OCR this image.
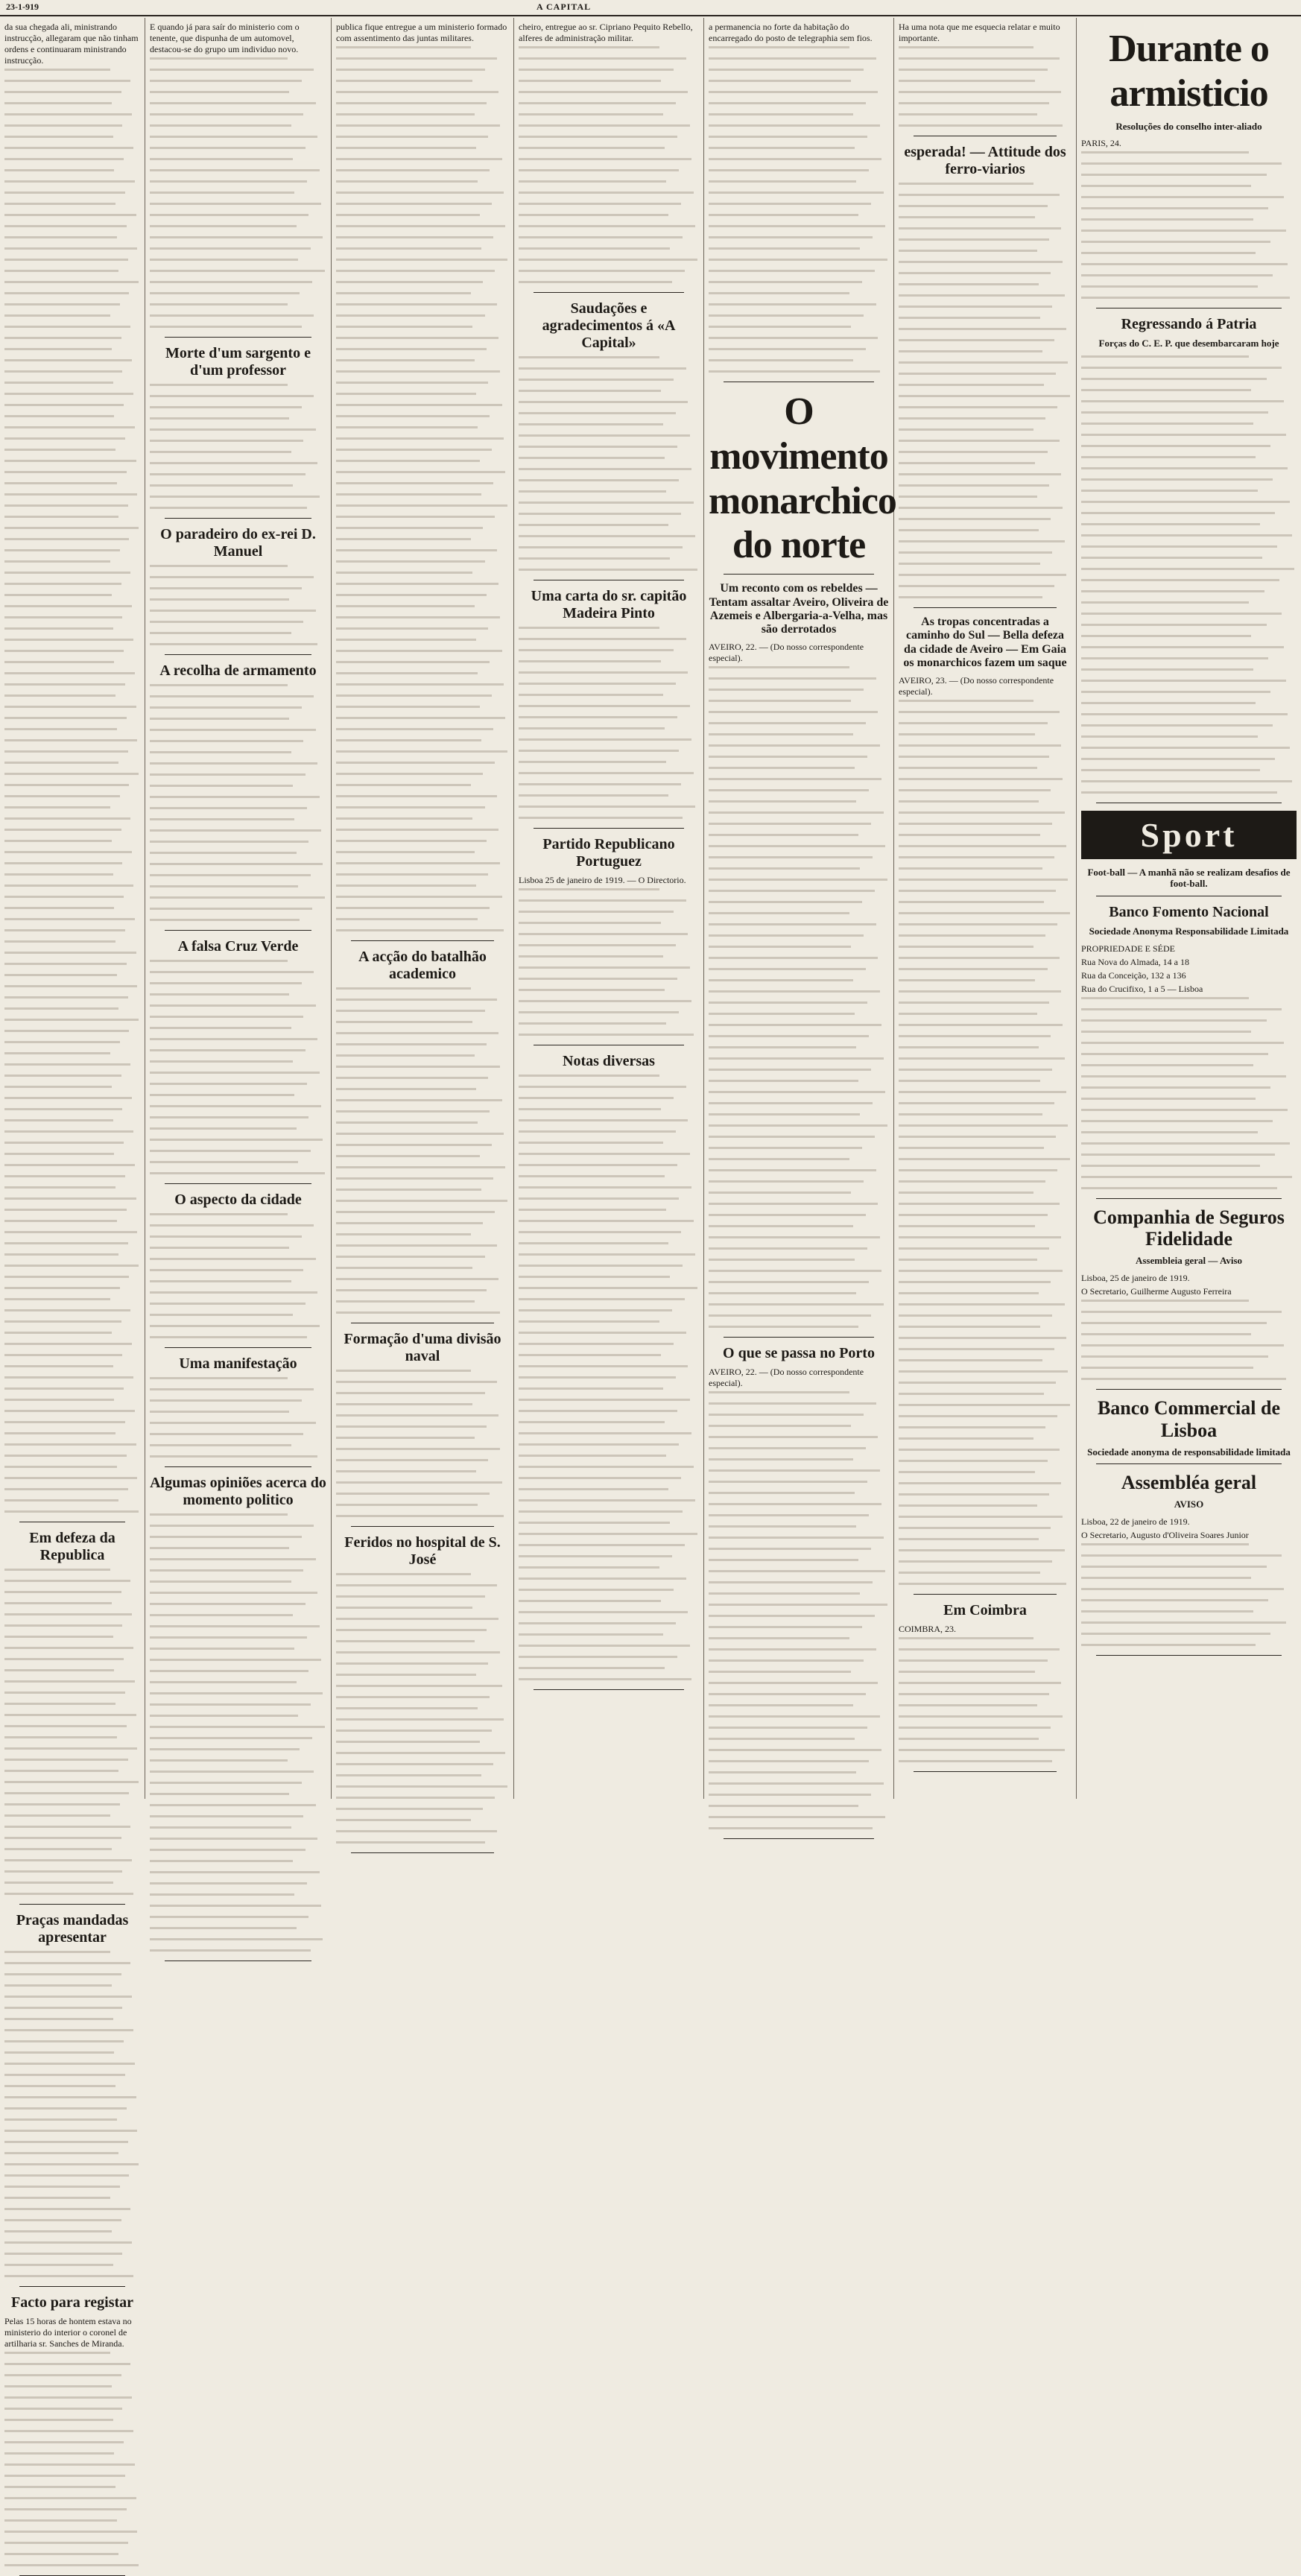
23-1-919	A CAPITAL

da sua chegada ali, ministrando instrucção, allegaram que não tinham ordens e continuaram ministrando instrucção.

Em defeza da Republica
Praças mandadas apresentar
Facto para registar

Pelas 15 horas de hontem estava no ministerio do interior o coronel de artilharia sr. Sanches de Miranda.

E quando já para saír do ministerio com o tenente, que dispunha de um automovel, destacou-se do grupo um individuo novo.

Morte d'um sargento e d'um professor
O paradeiro do ex-rei D. Manuel
A recolha de armamento
A falsa Cruz Verde
O aspecto da cidade
Uma manifestação
Algumas opiniões acerca do momento politico

publica fique entregue a um ministerio formado com assentimento das juntas militares.

A acção do batalhão academico
Formação d'uma divisão naval
Feridos no hospital de S. José

cheiro, entregue ao sr. Cipriano Pequito Rebello, alferes de administração militar.

Saudações e agradecimentos á «A Capital»
Uma carta do sr. capitão Madeira Pinto
Partido Republicano Portuguez

Lisboa 25 de janeiro de 1919. — O Directorio.

Notas diversas

a permanencia no forte da habitação do encarregado do posto de telegraphia sem fios.

O movimento monarchico do norte
Um reconto com os rebeldes — Tentam assaltar Aveiro, Oliveira de Azemeis e Albergaria-a-Velha, mas são derrotados

AVEIRO, 22. — (Do nosso correspondente especial).

O que se passa no Porto

AVEIRO, 22. — (Do nosso correspondente especial).

Ha uma nota que me esquecia relatar e muito importante.

esperada! — Attitude dos ferro-viarios
As tropas concentradas a caminho do Sul — Bella defeza da cidade de Aveiro — Em Gaia os monarchicos fazem um saque

AVEIRO, 23. — (Do nosso correspondente especial).

Em Coimbra

COIMBRA, 23.

Durante o armisticio
Resoluções do conselho inter-aliado

PARIS, 24.

Regressando á Patria
Forças do C. E. P. que desembarcaram hoje
Sport
Foot-ball — A manhã não se realizam desafios de foot-ball.
Banco Fomento Nacional
Sociedade Anonyma Responsabilidade Limitada

PROPRIEDADE E SÉDE

Rua Nova do Almada, 14 a 18

Rua da Conceição, 132 a 136

Rua do Crucifixo, 1 a 5 — Lisboa

Companhia de Seguros Fidelidade
Assembleia geral — Aviso

Lisboa, 25 de janeiro de 1919.

O Secretario, Guilherme Augusto Ferreira

Banco Commercial de Lisboa
Sociedade anonyma de responsabilidade limitada
Assembléa geral
AVISO

Lisboa, 22 de janeiro de 1919.

O Secretario, Augusto d'Oliveira Soares Junior
